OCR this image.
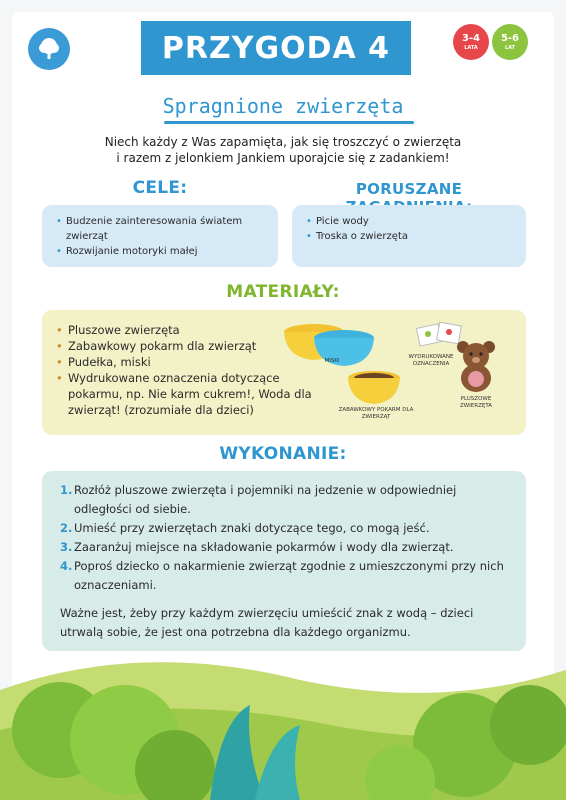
PRZYGODA 4	3-4
LATA
5-6
LAT
Spragnione zwierzęta
Niech każdy z Was zapamięta, jak się troszczyć o zwierzęta
i razem z jelonkiem Jankiem uporajcie się z zadankiem!
CELE:
• Budzenie zainteresowania światem zwierząt
• Rozwijanie motoryki małej
PORUSZANE
• Picie wody
• Troska o zwierzęta
MATERIAŁY:
• Pluszowe zwierzęta
• Zabawkowy pokarm dla zwierząt
• Pudełka, miski
• Wydrukowane oznaczenia dotyczące pokarmu, np. Nie karm cukrem!, Woda dla zwierząt! (zrozumiałe dla dzieci)
MISKI
WYDRUKOWANE OZNACZENIA
ZABAWKOWY POKARM DLA ZWIERZĄT
PLUSZOWE ZWIERZĘTA
WYKONANIE:
1. Rozłóż pluszowe zwierzęta i pojemniki na jedzenie w odpowiedniej odległości od siebie.
2. Umieść przy zwierzętach znaki dotyczące tego, co mogą jeść.
3. Zaaranżuj miejsce na składowanie pokarmów i wody dla zwierząt.
4. Poproś dziecko o nakarmienie zwierząt zgodnie z umieszczonymi przy nich oznaczeniami.

Ważne jest, żeby przy każdym zwierzęciu umieścić znak z wodą – dzieci utrwalą sobie, że jest ona potrzebna dla każdego organizmu.
